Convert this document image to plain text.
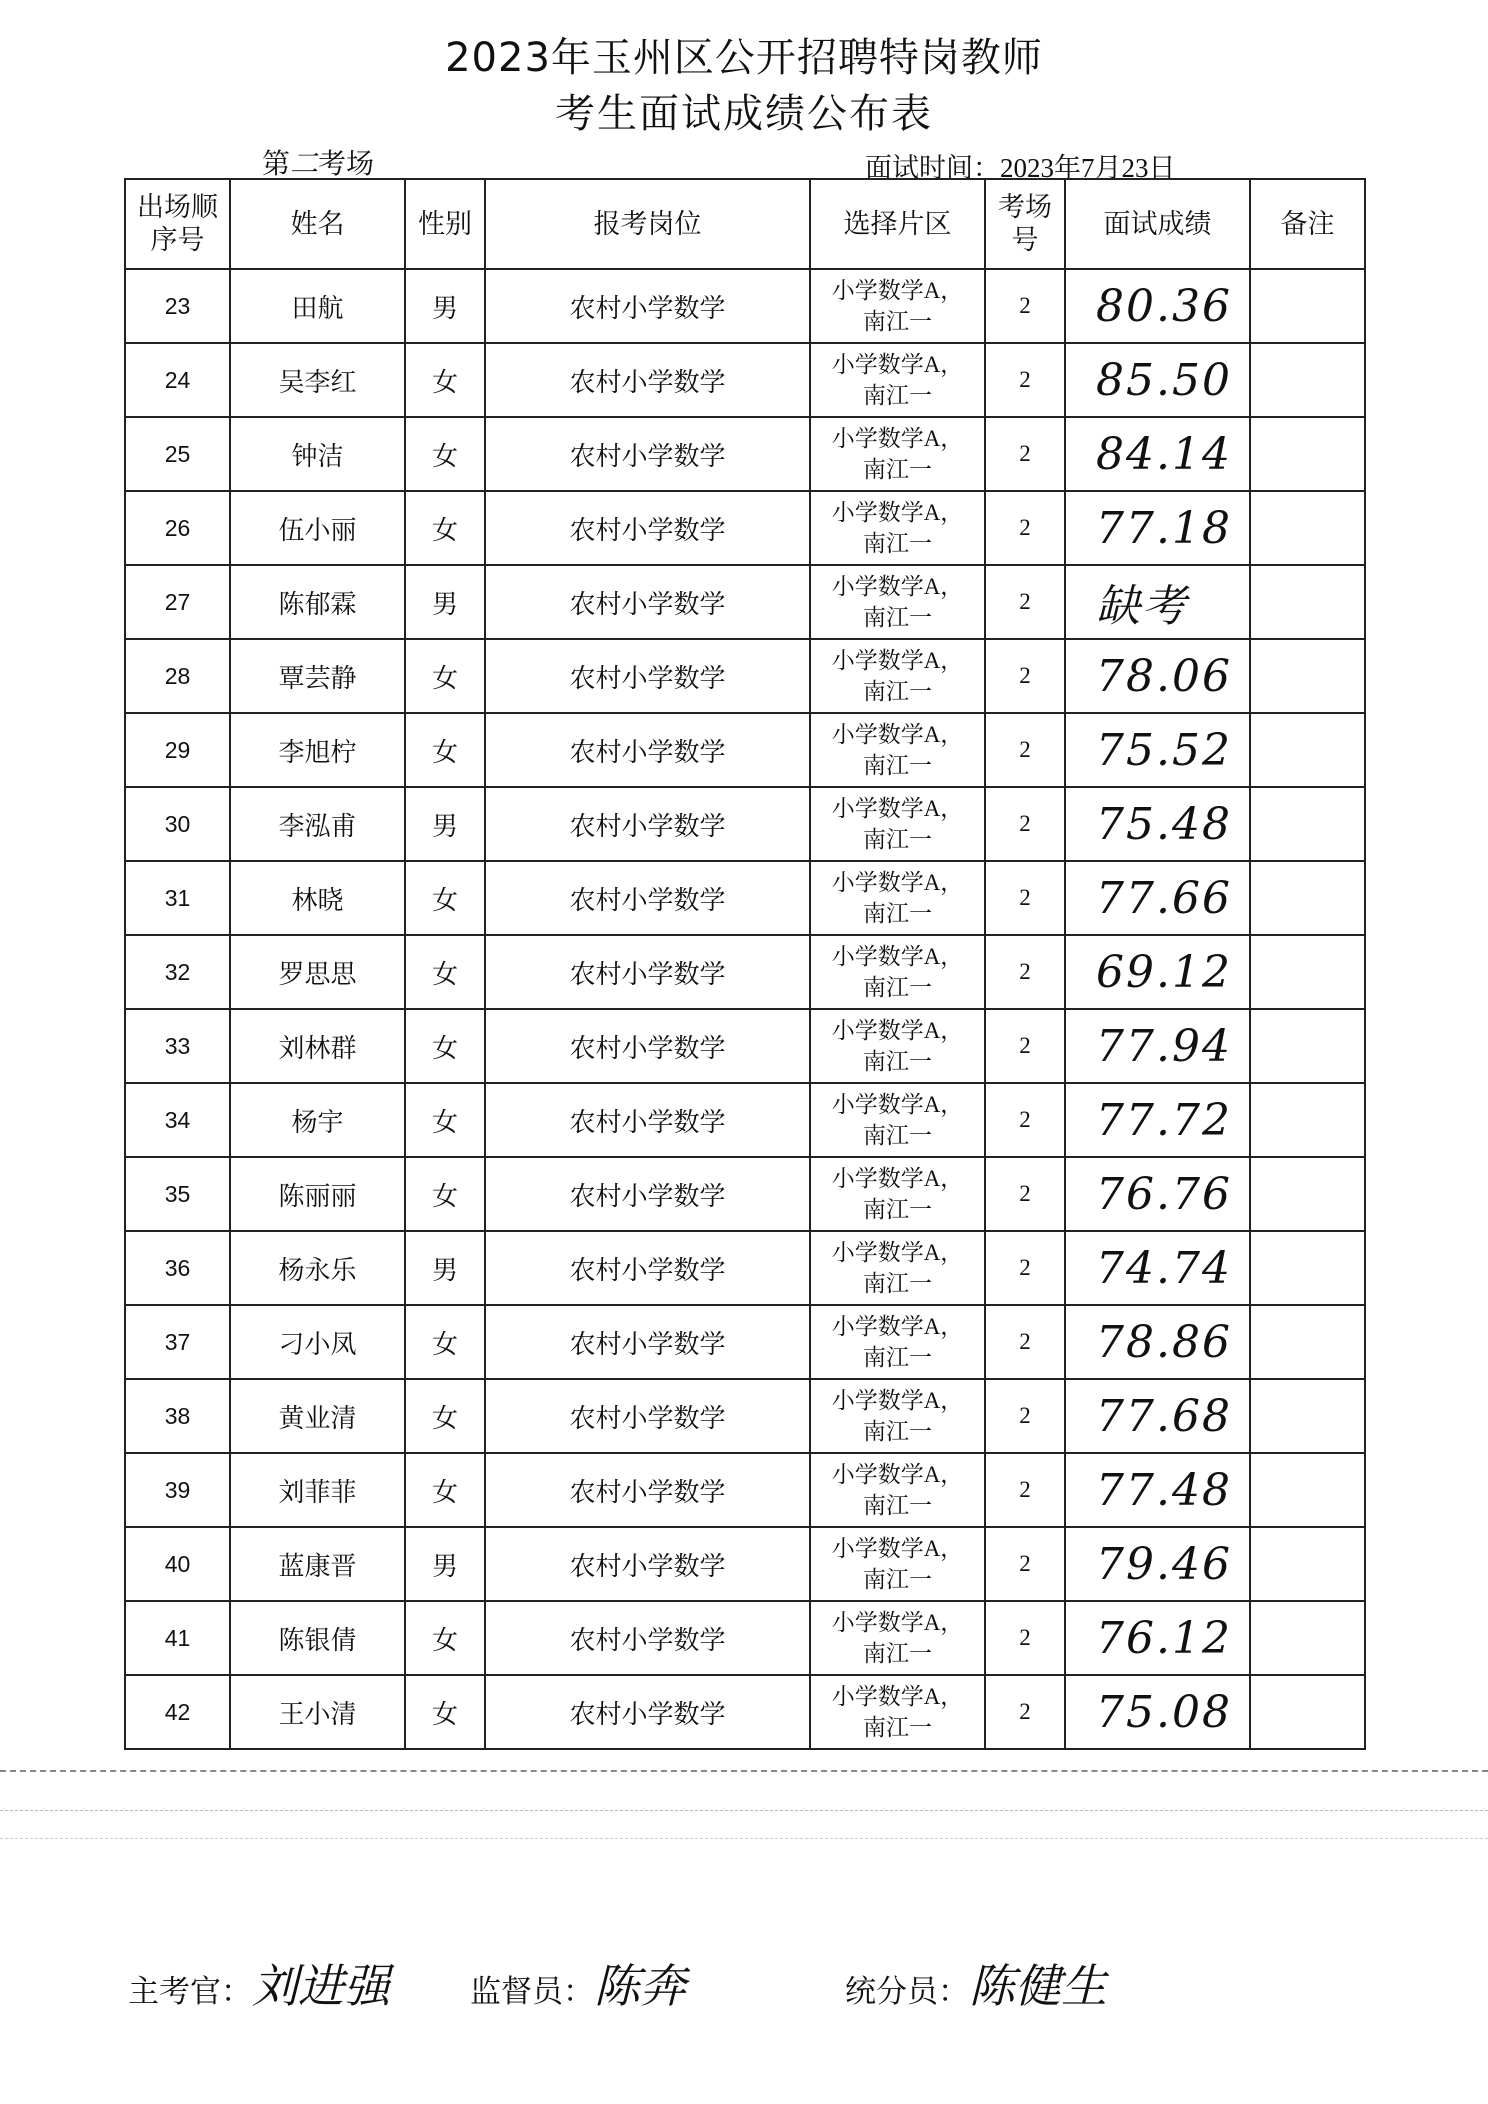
2023年玉州区公开招聘特岗教师
考生面试成绩公布表
第二考场	面试时间：2023年7月23日
出场顺序号	姓名	性别	报考岗位	选择片区	考场号	面试成绩	备注
23	田航	男	农村小学数学	小学数学A，
南江一	2	80.36	
24	吴李红	女	农村小学数学	小学数学A，
南江一	2	85.50	
25	钟洁	女	农村小学数学	小学数学A，
南江一	2	84.14	
26	伍小丽	女	农村小学数学	小学数学A，
南江一	2	77.18	
27	陈郁霖	男	农村小学数学	小学数学A，
南江一	2	缺考	
28	覃芸静	女	农村小学数学	小学数学A，
南江一	2	78.06	
29	李旭柠	女	农村小学数学	小学数学A，
南江一	2	75.52	
30	李泓甫	男	农村小学数学	小学数学A，
南江一	2	75.48	
31	林晓	女	农村小学数学	小学数学A，
南江一	2	77.66	
32	罗思思	女	农村小学数学	小学数学A，
南江一	2	69.12	
33	刘林群	女	农村小学数学	小学数学A，
南江一	2	77.94	
34	杨宇	女	农村小学数学	小学数学A，
南江一	2	77.72	
35	陈丽丽	女	农村小学数学	小学数学A，
南江一	2	76.76	
36	杨永乐	男	农村小学数学	小学数学A，
南江一	2	74.74	
37	刁小凤	女	农村小学数学	小学数学A，
南江一	2	78.86	
38	黄业清	女	农村小学数学	小学数学A，
南江一	2	77.68	
39	刘菲菲	女	农村小学数学	小学数学A，
南江一	2	77.48	
40	蓝康晋	男	农村小学数学	小学数学A，
南江一	2	79.46	
41	陈银倩	女	农村小学数学	小学数学A，
南江一	2	76.12	
42	王小清	女	农村小学数学	小学数学A，
南江一	2	75.08	
主考官：刘进强	监督员：陈奔	统分员：陈健生
